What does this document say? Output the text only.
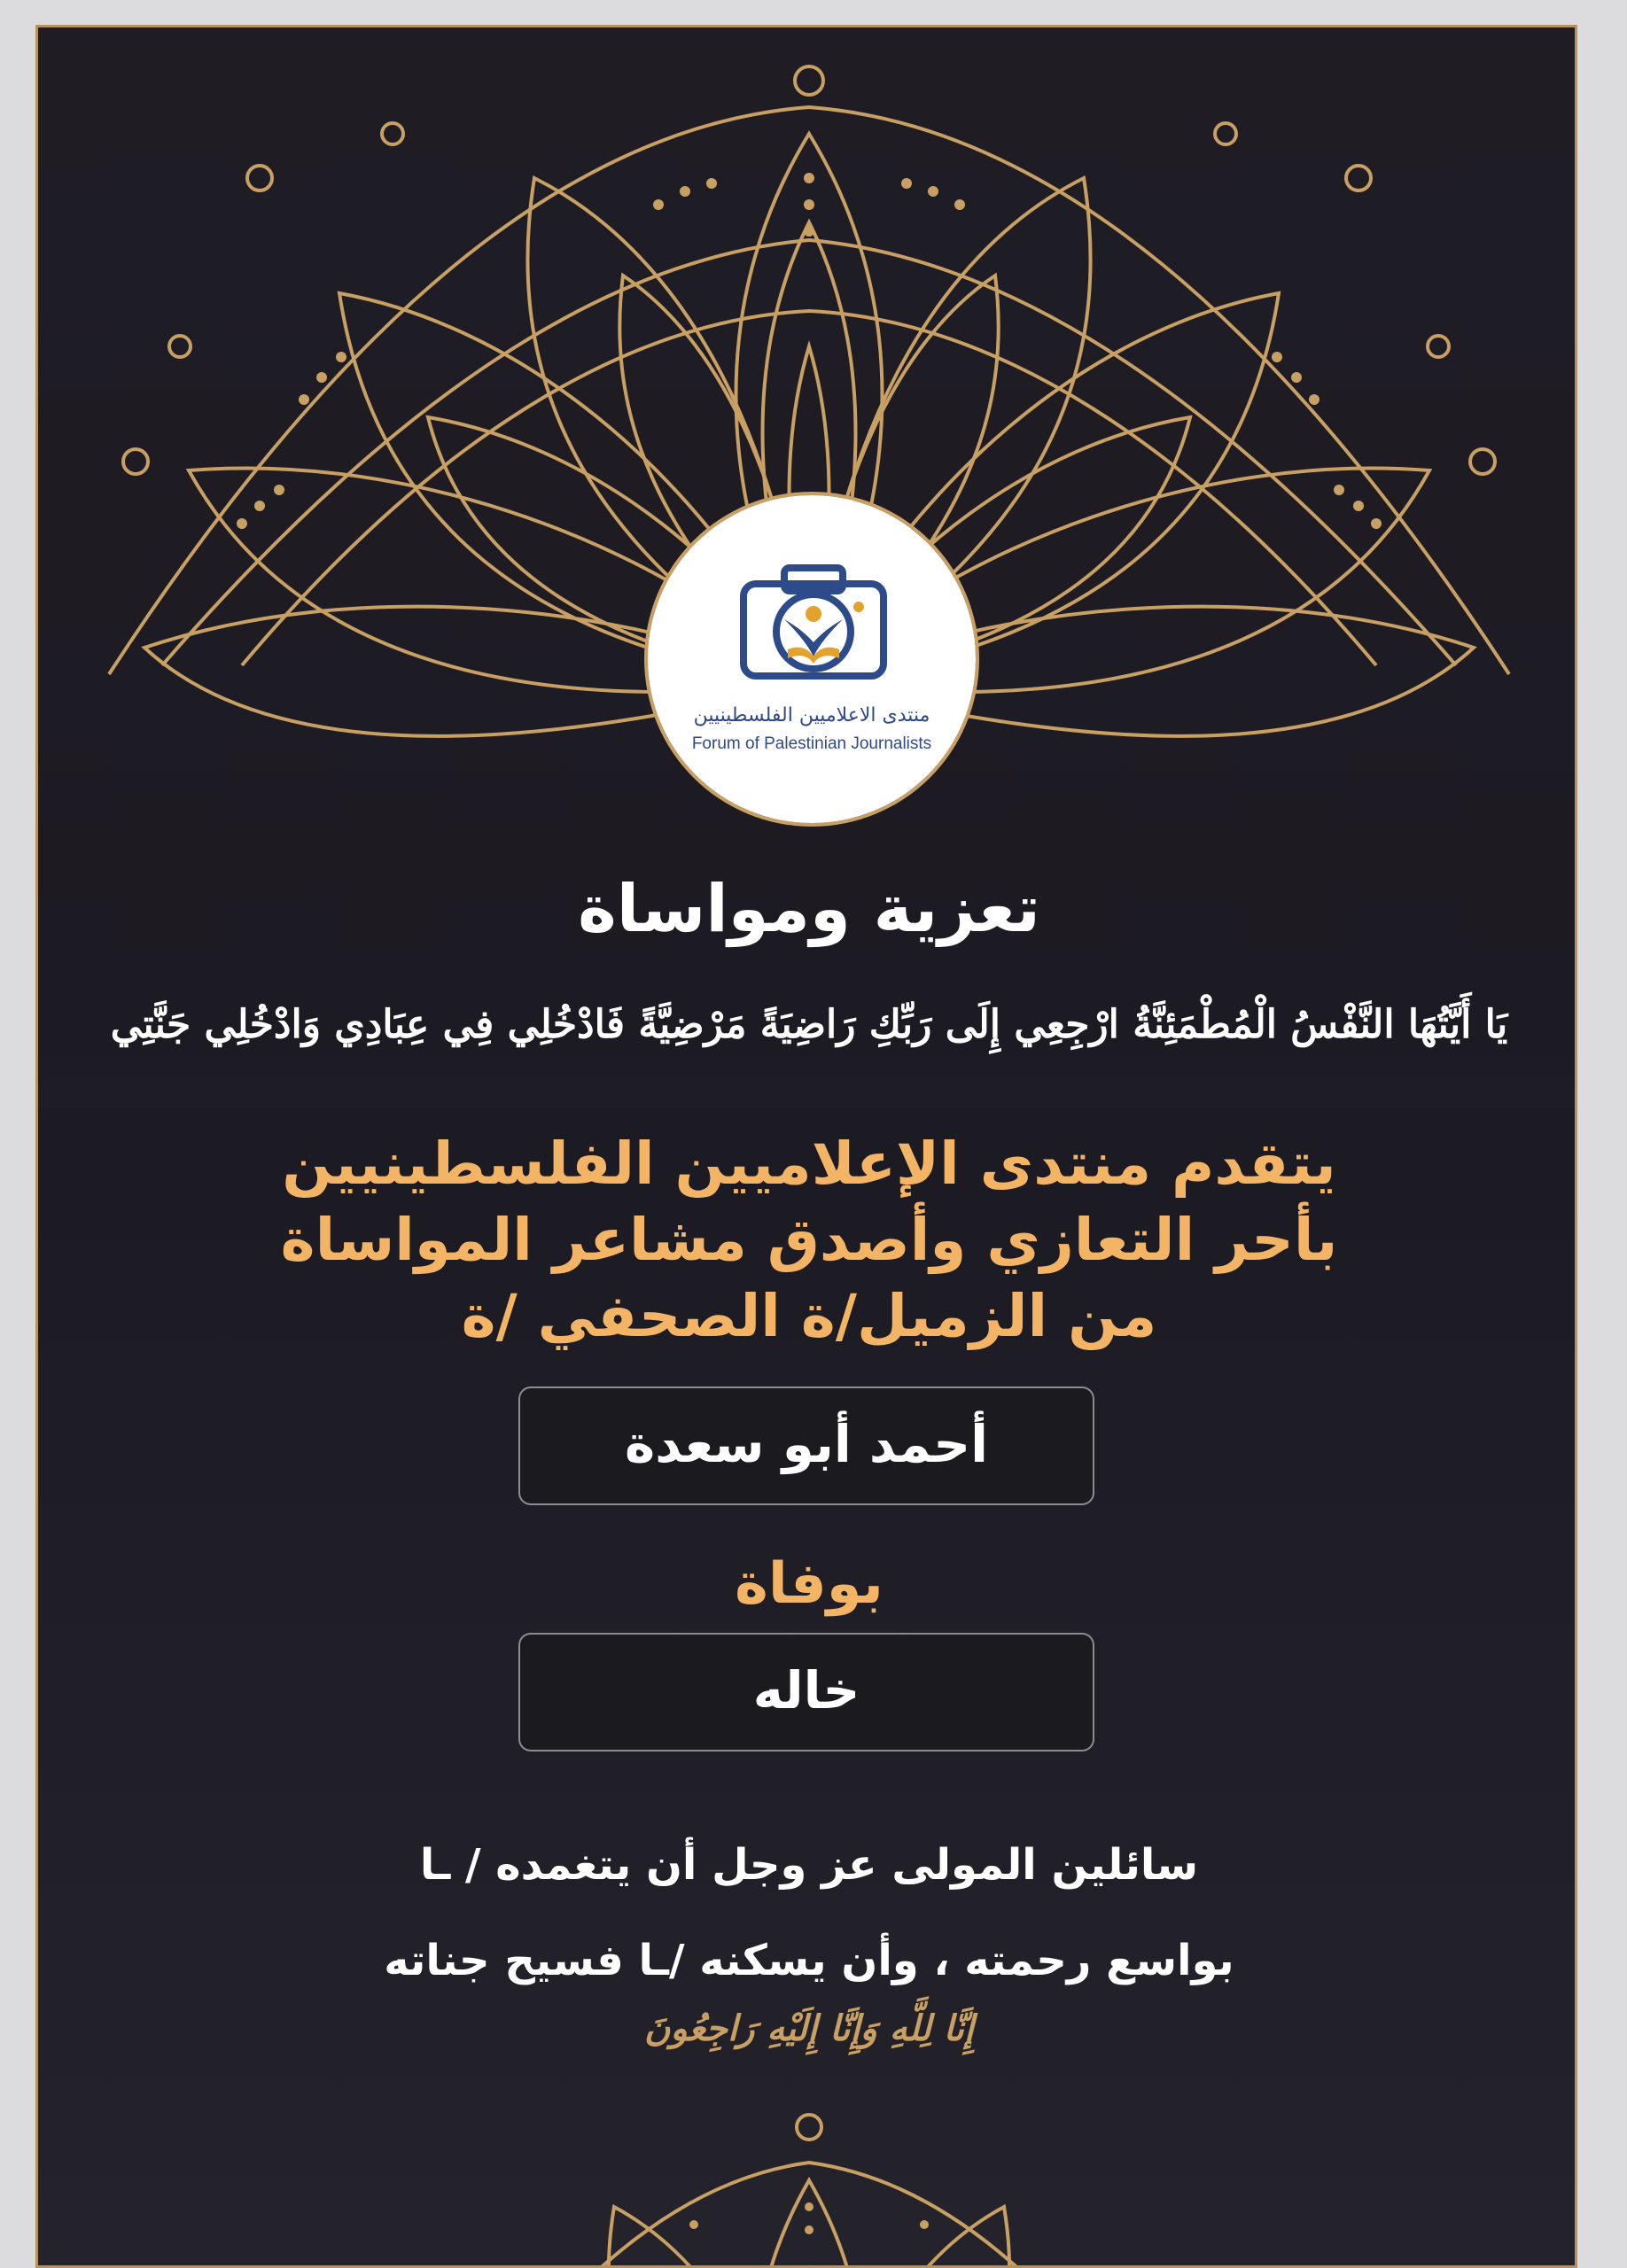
منتدى الاعلاميين الفلسطينيين
Forum of Palestinian Journalists
تعزية ومواساة
يَا أَيَّتُهَا النَّفْسُ الْمُطْمَئِنَّةُ ارْجِعِي إِلَى رَبِّكِ رَاضِيَةً مَرْضِيَّةً فَادْخُلِي فِي عِبَادِي وَادْخُلِي جَنَّتِي
يتقدم منتدى الإعلاميين الفلسطينيين
بأحر التعازي وأصدق مشاعر المواساة
من الزميل/ة الصحفي /ة
أحمد أبو سعدة
بوفاة
خاله
سائلين المولى عز وجل أن يتغمده / ـا
بواسع رحمته ، وأن يسكنه /ـا فسيح جناته
إِنَّا لِلَّهِ وَإِنَّا إِلَيْهِ رَاجِعُونَ
